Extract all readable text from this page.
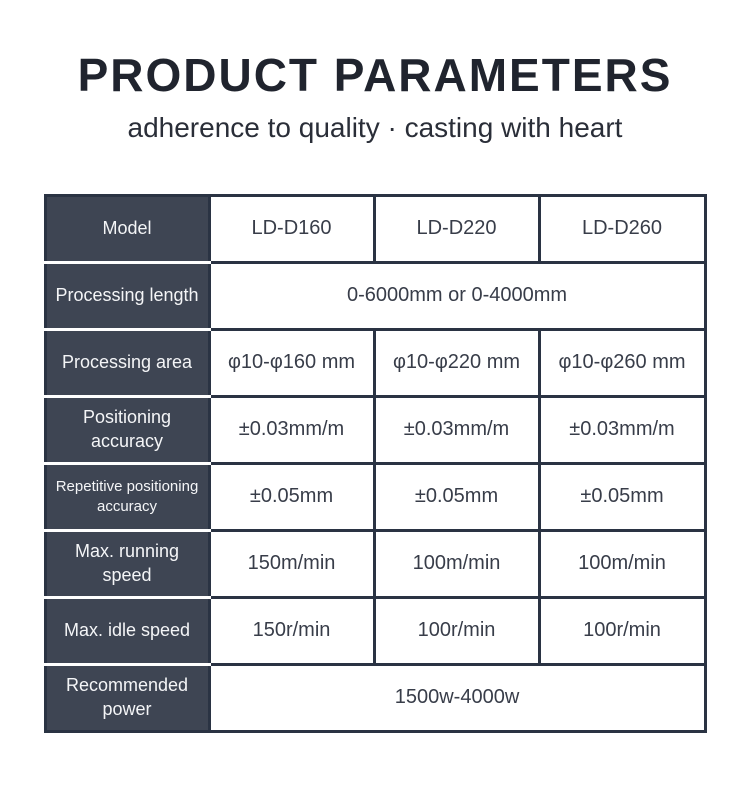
PRODUCT PARAMETERS
adherence to quality · casting with heart
Model	LD-D160	LD-D220	LD-D260
Processing length	0-6000mm or 0-4000mm		
Processing area	φ10-φ160 mm	φ10-φ220 mm	φ10-φ260 mm
Positioning accuracy	±0.03mm/m	±0.03mm/m	±0.03mm/m
Repetitive positioning accuracy	±0.05mm	±0.05mm	±0.05mm
Max. running speed	150m/min	100m/min	100m/min
Max. idle speed	150r/min	100r/min	100r/min
Recommended power	1500w-4000w		
